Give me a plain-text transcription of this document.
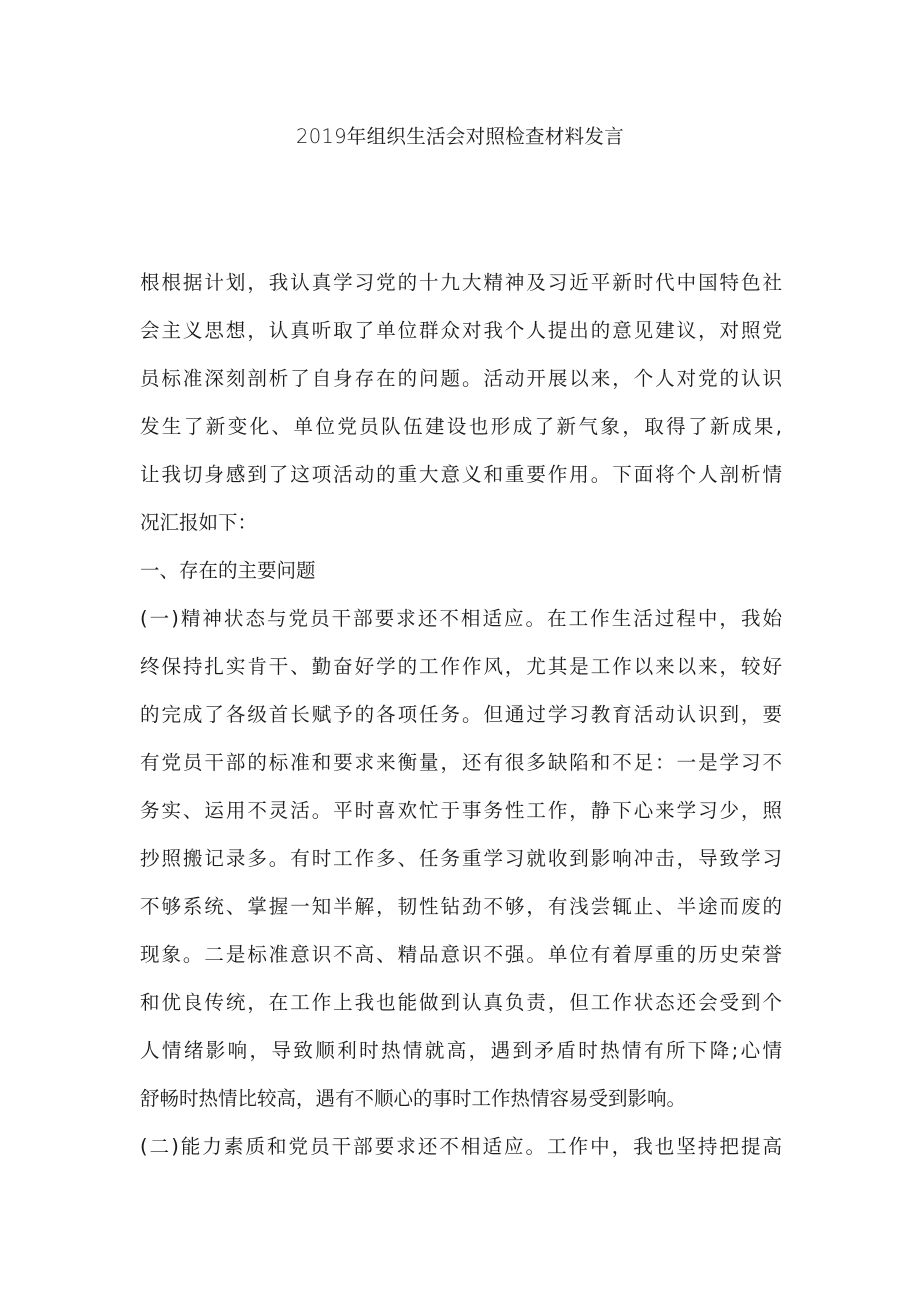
2019年组织生活会对照检查材料发言
根根据计划，我认真学习党的十九大精神及习近平新时代中国特色社
会主义思想，认真听取了单位群众对我个人提出的意见建议，对照党
员标准深刻剖析了自身存在的问题。活动开展以来，个人对党的认识
发生了新变化、单位党员队伍建设也形成了新气象，取得了新成果,
让我切身感到了这项活动的重大意义和重要作用。下面将个人剖析情
况汇报如下：
一、存在的主要问题
(一)精神状态与党员干部要求还不相适应。在工作生活过程中，我始
终保持扎实肯干、勤奋好学的工作作风，尤其是工作以来以来，较好
的完成了各级首长赋予的各项任务。但通过学习教育活动认识到，要
有党员干部的标准和要求来衡量，还有很多缺陷和不足：一是学习不
务实、运用不灵活。平时喜欢忙于事务性工作，静下心来学习少，照
抄照搬记录多。有时工作多、任务重学习就收到影响冲击，导致学习
不够系统、掌握一知半解，韧性钻劲不够，有浅尝辄止、半途而废的
现象。二是标准意识不高、精品意识不强。单位有着厚重的历史荣誉
和优良传统，在工作上我也能做到认真负责，但工作状态还会受到个
人情绪影响，导致顺利时热情就高，遇到矛盾时热情有所下降;心情
舒畅时热情比较高，遇有不顺心的事时工作热情容易受到影响。
(二)能力素质和党员干部要求还不相适应。工作中，我也坚持把提高
